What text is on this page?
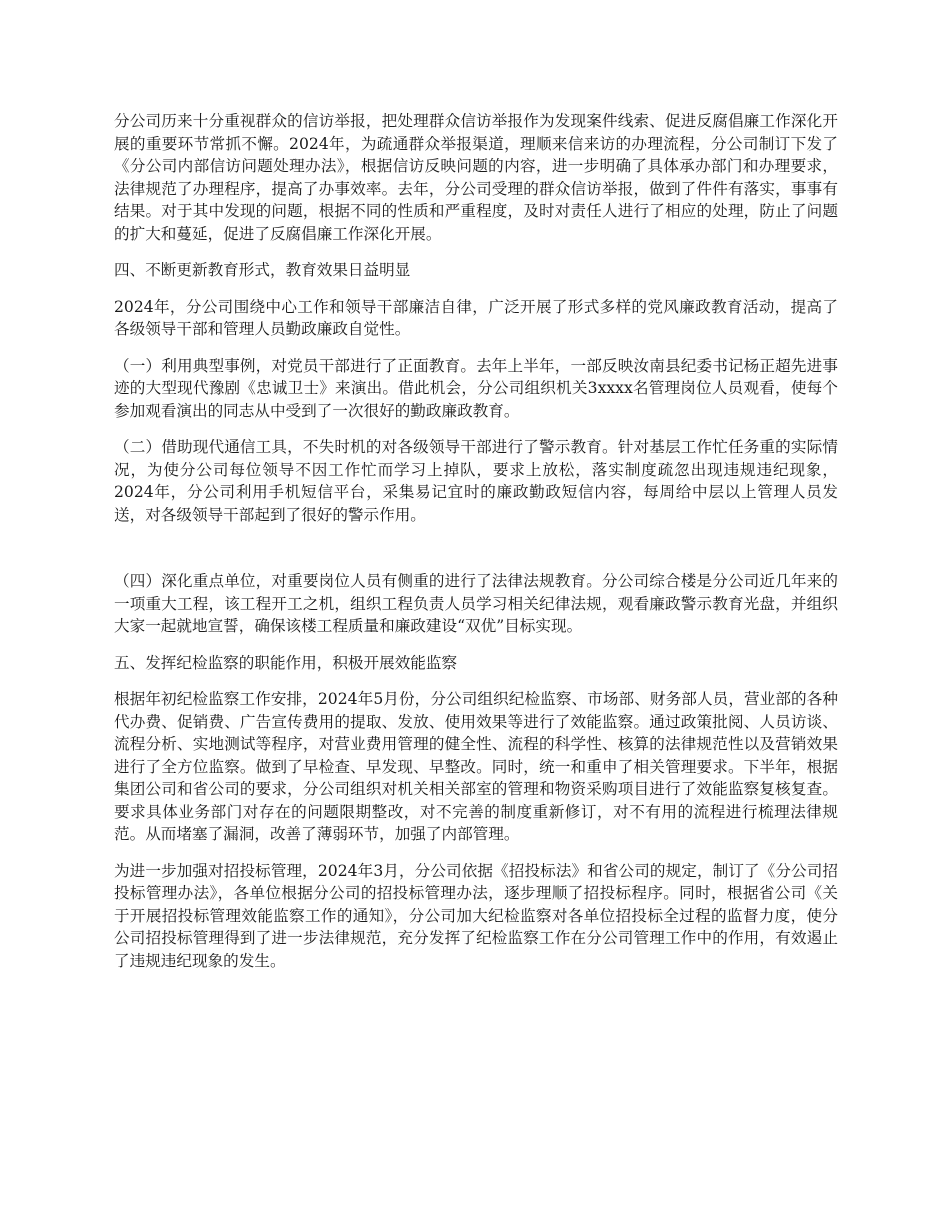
分公司历来十分重视群众的信访举报，把处理群众信访举报作为发现案件线索、促进反腐倡廉工作深化开展的重要环节常抓不懈。2024年，为疏通群众举报渠道，理顺来信来访的办理流程，分公司制订下发了《分公司内部信访问题处理办法》，根据信访反映问题的内容，进一步明确了具体承办部门和办理要求，法律规范了办理程序，提高了办事效率。去年，分公司受理的群众信访举报，做到了件件有落实，事事有结果。对于其中发现的问题，根据不同的性质和严重程度，及时对责任人进行了相应的处理，防止了问题的扩大和蔓延，促进了反腐倡廉工作深化开展。

四、不断更新教育形式，教育效果日益明显

2024年，分公司围绕中心工作和领导干部廉洁自律，广泛开展了形式多样的党风廉政教育活动，提高了各级领导干部和管理人员勤政廉政自觉性。

（一）利用典型事例，对党员干部进行了正面教育。去年上半年，一部反映汝南县纪委书记杨正超先进事迹的大型现代豫剧《忠诚卫士》来演出。借此机会，分公司组织机关3xxxx名管理岗位人员观看，使每个参加观看演出的同志从中受到了一次很好的勤政廉政教育。

（二）借助现代通信工具，不失时机的对各级领导干部进行了警示教育。针对基层工作忙任务重的实际情况，为使分公司每位领导不因工作忙而学习上掉队，要求上放松，落实制度疏忽出现违规违纪现象，2024年，分公司利用手机短信平台，采集易记宜时的廉政勤政短信内容，每周给中层以上管理人员发送，对各级领导干部起到了很好的警示作用。

（四）深化重点单位，对重要岗位人员有侧重的进行了法律法规教育。分公司综合楼是分公司近几年来的一项重大工程，该工程开工之机，组织工程负责人员学习相关纪律法规，观看廉政警示教育光盘，并组织大家一起就地宣誓，确保该楼工程质量和廉政建设“双优”目标实现。

五、发挥纪检监察的职能作用，积极开展效能监察

根据年初纪检监察工作安排，2024年5月份，分公司组织纪检监察、市场部、财务部人员，营业部的各种代办费、促销费、广告宣传费用的提取、发放、使用效果等进行了效能监察。通过政策批阅、人员访谈、流程分析、实地测试等程序，对营业费用管理的健全性、流程的科学性、核算的法律规范性以及营销效果进行了全方位监察。做到了早检查、早发现、早整改。同时，统一和重申了相关管理要求。下半年，根据集团公司和省公司的要求，分公司组织对机关相关部室的管理和物资采购项目进行了效能监察复核复查。要求具体业务部门对存在的问题限期整改，对不完善的制度重新修订，对不有用的流程进行梳理法律规范。从而堵塞了漏洞，改善了薄弱环节，加强了内部管理。

为进一步加强对招投标管理，2024年3月，分公司依据《招投标法》和省公司的规定，制订了《分公司招投标管理办法》，各单位根据分公司的招投标管理办法，逐步理顺了招投标程序。同时，根据省公司《关于开展招投标管理效能监察工作的通知》，分公司加大纪检监察对各单位招投标全过程的监督力度，使分公司招投标管理得到了进一步法律规范，充分发挥了纪检监察工作在分公司管理工作中的作用，有效遏止了违规违纪现象的发生。
